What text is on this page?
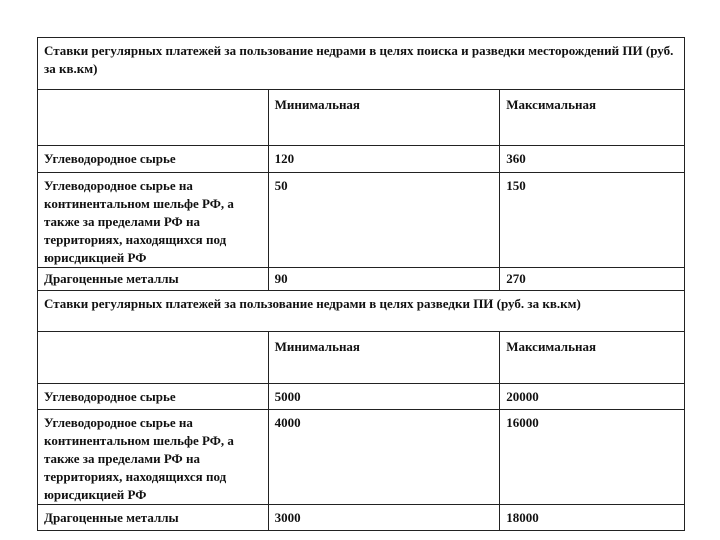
Ставки регулярных платежей за пользование недрами в целях поиска и разведки месторождений ПИ (руб. за кв.км)		
	Минимальная	Максимальная
Углеводородное сырье	120	360
Углеводородное сырье на континентальном шельфе РФ, а также за пределами РФ на территориях, находящихся под юрисдикцией РФ	50	150
Драгоценные металлы	90	270
Ставки регулярных платежей за пользование недрами в целях разведки ПИ (руб. за кв.км)		
	Минимальная	Максимальная
Углеводородное сырье	5000	20000
Углеводородное сырье на континентальном шельфе РФ, а также за пределами РФ на территориях, находящихся под юрисдикцией РФ	4000	16000
Драгоценные металлы	3000	18000
